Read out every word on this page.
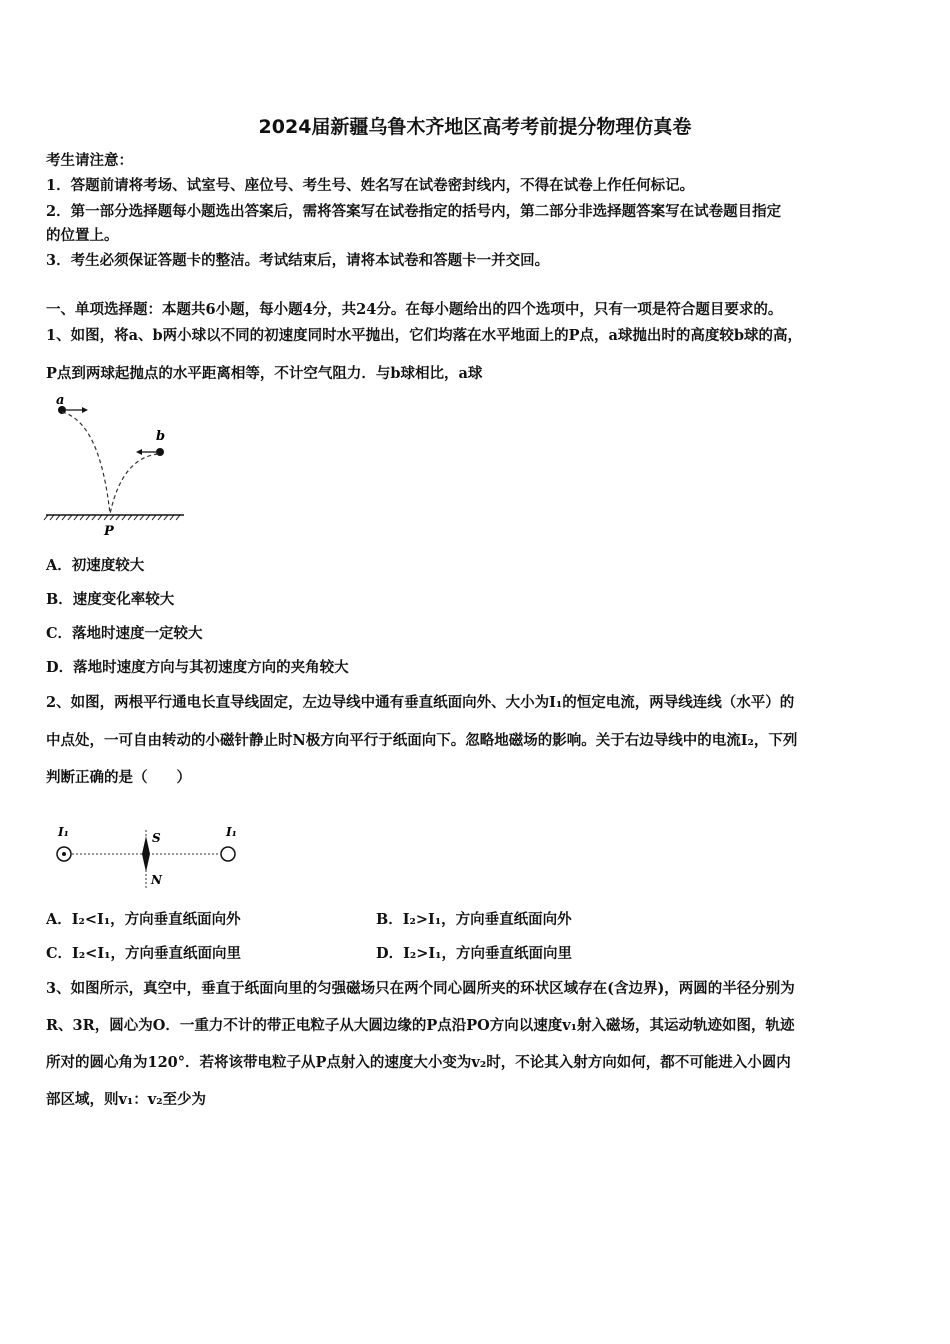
2024届新疆乌鲁木齐地区高考考前提分物理仿真卷
考生请注意：
1．答题前请将考场、试室号、座位号、考生号、姓名写在试卷密封线内，不得在试卷上作任何标记。
2．第一部分选择题每小题选出答案后，需将答案写在试卷指定的括号内，第二部分非选择题答案写在试卷题目指定
的位置上。
3．考生必须保证答题卡的整洁。考试结束后，请将本试卷和答题卡一并交回。
一、单项选择题：本题共6小题，每小题4分，共24分。在每小题给出的四个选项中，只有一项是符合题目要求的。
1、如图，将a、b两小球以不同的初速度同时水平抛出，它们均落在水平地面上的P点，a球抛出时的高度较b球的高，
P点到两球起抛点的水平距离相等，不计空气阻力．与b球相比，a球
a
b
P
A．初速度较大
B．速度变化率较大
C．落地时速度一定较大
D．落地时速度方向与其初速度方向的夹角较大
2、如图，两根平行通电长直导线固定，左边导线中通有垂直纸面向外、大小为I₁的恒定电流，两导线连线（水平）的
中点处，一可自由转动的小磁针静止时N极方向平行于纸面向下。忽略地磁场的影响。关于右边导线中的电流I₂，下列
判断正确的是（　　）
I₁	S
N
I₁
A．I₂<I₁，方向垂直纸面向外	B．I₂>I₁，方向垂直纸面向外
C．I₂<I₁，方向垂直纸面向里	D．I₂>I₁，方向垂直纸面向里
3、如图所示，真空中，垂直于纸面向里的匀强磁场只在两个同心圆所夹的环状区域存在(含边界)，两圆的半径分别为
R、3R，圆心为O．一重力不计的带正电粒子从大圆边缘的P点沿PO方向以速度v₁射入磁场，其运动轨迹如图，轨迹
所对的圆心角为120°．若将该带电粒子从P点射入的速度大小变为v₂时，不论其入射方向如何，都不可能进入小圆内
部区域，则v₁：v₂至少为
